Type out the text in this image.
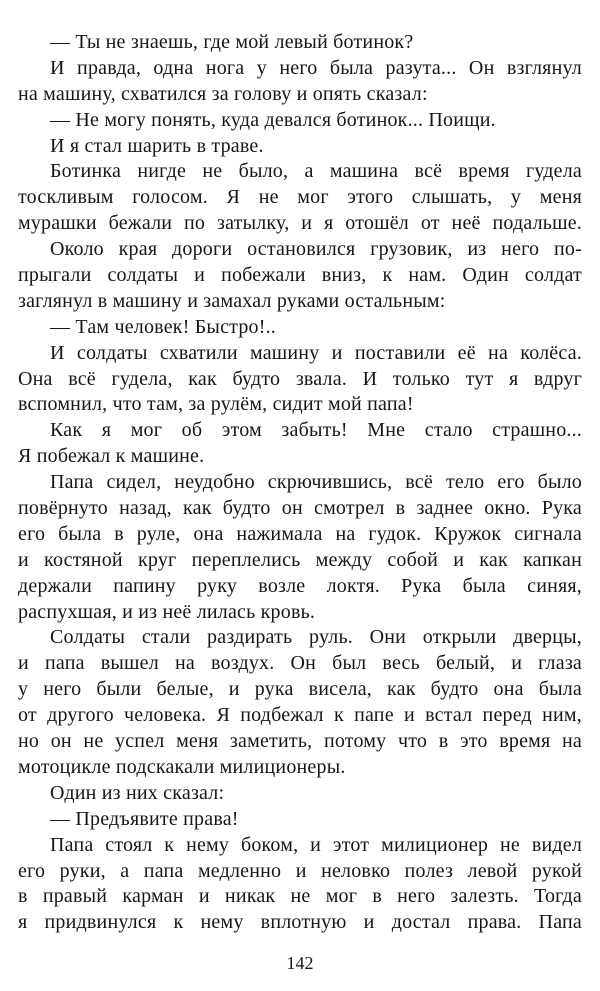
— Ты не знаешь, где мой левый ботинок?
И правда, одна нога у него была разута... Он взглянул
на машину, схватился за голову и опять сказал:
— Не могу понять, куда девался ботинок... Поищи.
И я стал шарить в траве.
Ботинка нигде не было, а машина всё время гудела
тоскливым голосом. Я не мог этого слышать, у меня
мурашки бежали по затылку, и я отошёл от неё подальше.
Около края дороги остановился грузовик, из него по-
прыгали солдаты и побежали вниз, к нам. Один солдат
заглянул в машину и замахал руками остальным:
— Там человек! Быстро!..
И солдаты схватили машину и поставили её на колёса.
Она всё гудела, как будто звала. И только тут я вдруг
вспомнил, что там, за рулём, сидит мой папа!
Как я мог об этом забыть! Мне стало страшно...
Я побежал к машине.
Папа сидел, неудобно скрючившись, всё тело его было
повёрнуто назад, как будто он смотрел в заднее окно. Рука
его была в руле, она нажимала на гудок. Кружок сигнала
и костяной круг переплелись между собой и как капкан
держали папину руку возле локтя. Рука была синяя,
распухшая, и из неё лилась кровь.
Солдаты стали раздирать руль. Они открыли дверцы,
и папа вышел на воздух. Он был весь белый, и глаза
у него были белые, и рука висела, как будто она была
от другого человека. Я подбежал к папе и встал перед ним,
но он не успел меня заметить, потому что в это время на
мотоцикле подскакали милиционеры.
Один из них сказал:
— Предъявите права!
Папа стоял к нему боком, и этот милиционер не видел
его руки, а папа медленно и неловко полез левой рукой
в правый карман и никак не мог в него залезть. Тогда
я придвинулся к нему вплотную и достал права. Папа
142
